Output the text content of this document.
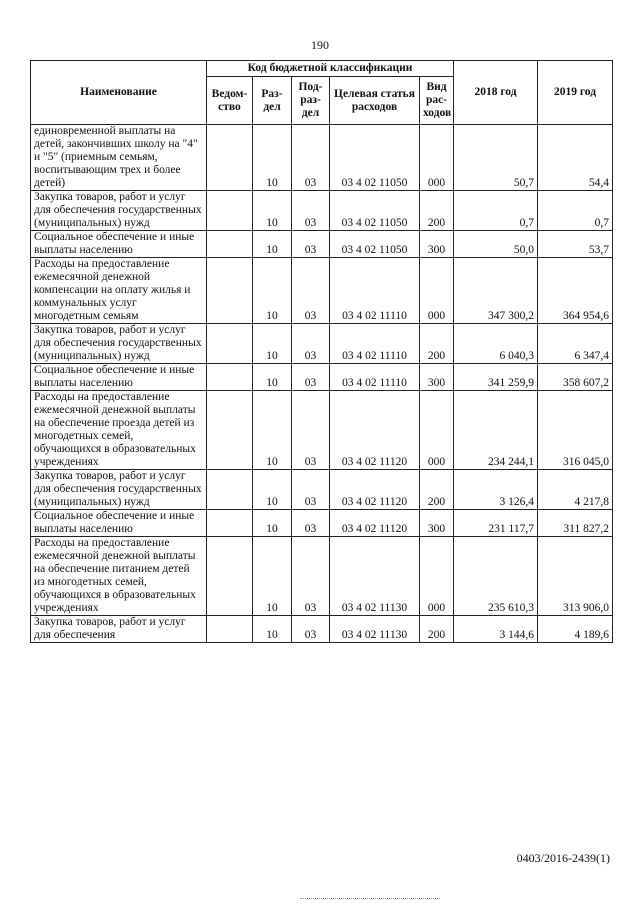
190
Наименование	Код бюджетной классификации					2018 год	2019 год
	Ведом-ство	Раз-дел	Под-раз-дел	Целевая статья расходов	Вид рас-ходов		
единовременной выплаты на детей, закончивших школу на "4" и "5" (приемным семьям, воспитывающим трех и более детей)		10	03	03 4 02 11050	000	50,7	54,4
Закупка товаров, работ и услуг для обеспечения государственных (муниципальных) нужд		10	03	03 4 02 11050	200	0,7	0,7
Социальное обеспечение и иные выплаты населению		10	03	03 4 02 11050	300	50,0	53,7
Расходы на предоставление ежемесячной денежной компенсации на оплату жилья и коммунальных услуг многодетным семьям		10	03	03 4 02 11110	000	347 300,2	364 954,6
Закупка товаров, работ и услуг для обеспечения государственных (муниципальных) нужд		10	03	03 4 02 11110	200	6 040,3	6 347,4
Социальное обеспечение и иные выплаты населению		10	03	03 4 02 11110	300	341 259,9	358 607,2
Расходы на предоставление ежемесячной денежной выплаты на обеспечение проезда детей из многодетных семей, обучающихся в образовательных учреждениях		10	03	03 4 02 11120	000	234 244,1	316 045,0
Закупка товаров, работ и услуг для обеспечения государственных (муниципальных) нужд		10	03	03 4 02 11120	200	3 126,4	4 217,8
Социальное обеспечение и иные выплаты населению		10	03	03 4 02 11120	300	231 117,7	311 827,2
Расходы на предоставление ежемесячной денежной выплаты на обеспечение питанием детей из многодетных семей, обучающихся в образовательных учреждениях		10	03	03 4 02 11130	000	235 610,3	313 906,0
Закупка товаров, работ и услуг для обеспечения		10	03	03 4 02 11130	200	3 144,6	4 189,6
0403/2016-2439(1)
